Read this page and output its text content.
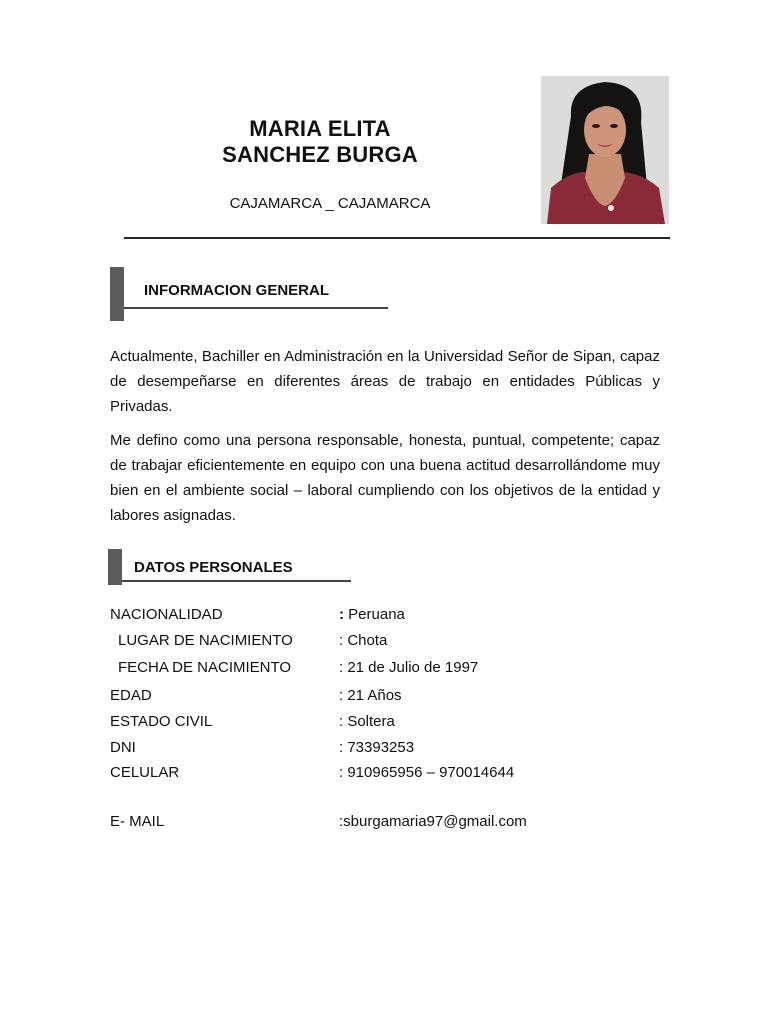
MARIA ELITA
SANCHEZ BURGA
CAJAMARCA _ CAJAMARCA
INFORMACION GENERAL
Actualmente, Bachiller en Administración en la Universidad Señor de Sipan, capaz de desempeñarse en diferentes áreas de trabajo en entidades Públicas y Privadas.
Me defino como una persona responsable, honesta, puntual, competente; capaz de trabajar eficientemente en equipo con una buena actitud desarrollándome muy bien en el ambiente social – laboral cumpliendo con los objetivos de la entidad y labores asignadas.
DATOS PERSONALES
NACIONALIDAD	: Peruana
LUGAR DE NACIMIENTO	: Chota
FECHA DE NACIMIENTO	: 21 de Julio de 1997
EDAD	: 21 Años
ESTADO CIVIL	: Soltera
DNI	: 73393253
CELULAR	: 910965956 – 970014644
E- MAIL	:sburgamaria97@gmail.com
